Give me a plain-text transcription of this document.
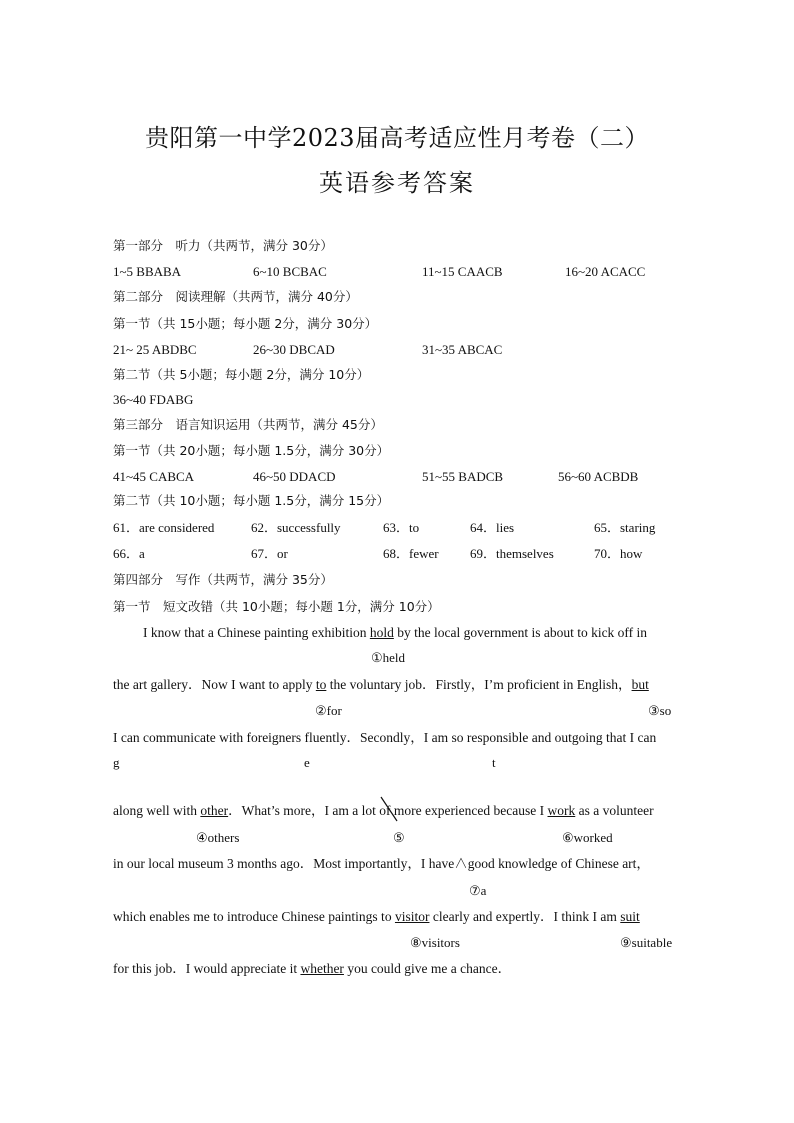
贵阳第一中学2023届高考适应性月考卷（二）
英语参考答案
第一部分　听力（共两节，满分 30分）
1~5 BBABA	6~10 BCBAC	11~15 CAACB	16~20 ACACC
第二部分　阅读理解（共两节，满分 40分）
第一节（共 15小题；每小题 2分，满分 30分）
21~ 25 ABDBC	26~30 DBCAD	31~35 ABCAC
第二节（共 5小题；每小题 2分，满分 10分）
36~40 FDABG
第三部分　语言知识运用（共两节，满分 45分）
第一节（共 20小题；每小题 1.5分，满分 30分）
41~45 CABCA	46~50 DDACD	51~55 BADCB	56~60 ACBDB
第二节（共 10小题；每小题 1.5分，满分 15分）
61．are considered	62．successfully	63．to	64．lies	65．staring
66．a	67．or	68．fewer 69．themselves	70．how
第四部分　写作（共两节，满分 35分）
第一节　短文改错（共 10小题；每小题 1分，满分 10分）
I know that a Chinese painting exhibition hold by the local government is about to kick off in
①held
the art gallery．Now I want to apply to the voluntary job．Firstly，I’m proficient in English，but
②for	③so
I can communicate with foreigners fluently．Secondly，I am so responsible and outgoing that I can
g	e	t
along well with other．What’s more，I am a lot of
more experienced because I work as a volunteer
④others	⑤	⑥worked
in our local museum 3 months ago．Most importantly，I have∧good knowledge of Chinese art，
⑦a
which enables me to introduce Chinese paintings to visitor clearly and expertly．I think I am suit
⑧visitors	⑨suitable
for this job．I would appreciate it whether you could give me a chance．
